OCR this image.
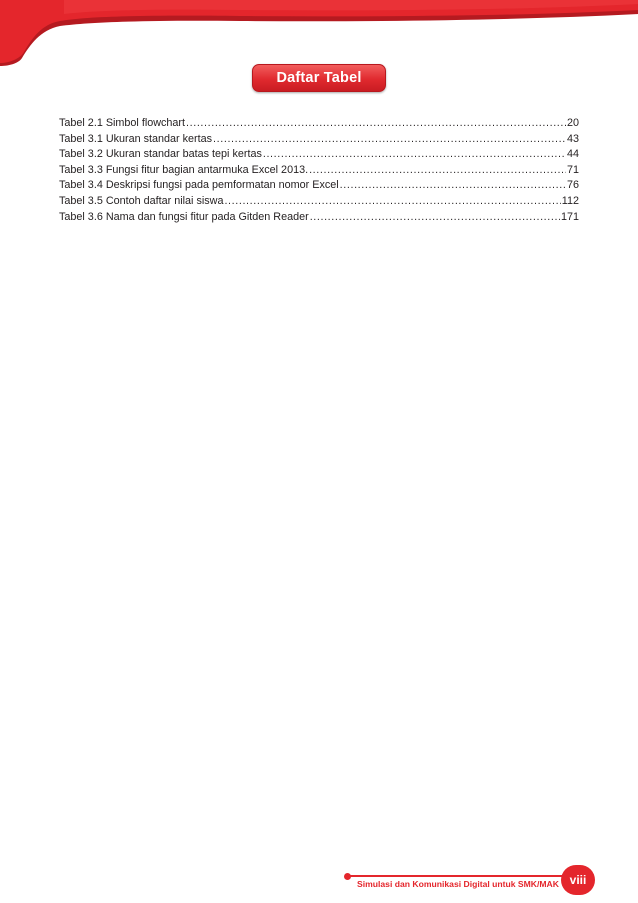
Daftar Tabel
Tabel 2.1 Simbol flowchart .....	20
Tabel 3.1 Ukuran standar kertas .....	43
Tabel 3.2 Ukuran standar batas tepi kertas .....	44
Tabel 3.3 Fungsi fitur bagian antarmuka Excel 2013. .....	71
Tabel 3.4 Deskripsi fungsi pada pemformatan nomor Excel .....	76
Tabel 3.5 Contoh daftar nilai siswa .....	112
Tabel 3.6 Nama dan fungsi fitur pada Gitden Reader .....	171
Simulasi dan Komunikasi Digital untuk SMK/MAK viii
